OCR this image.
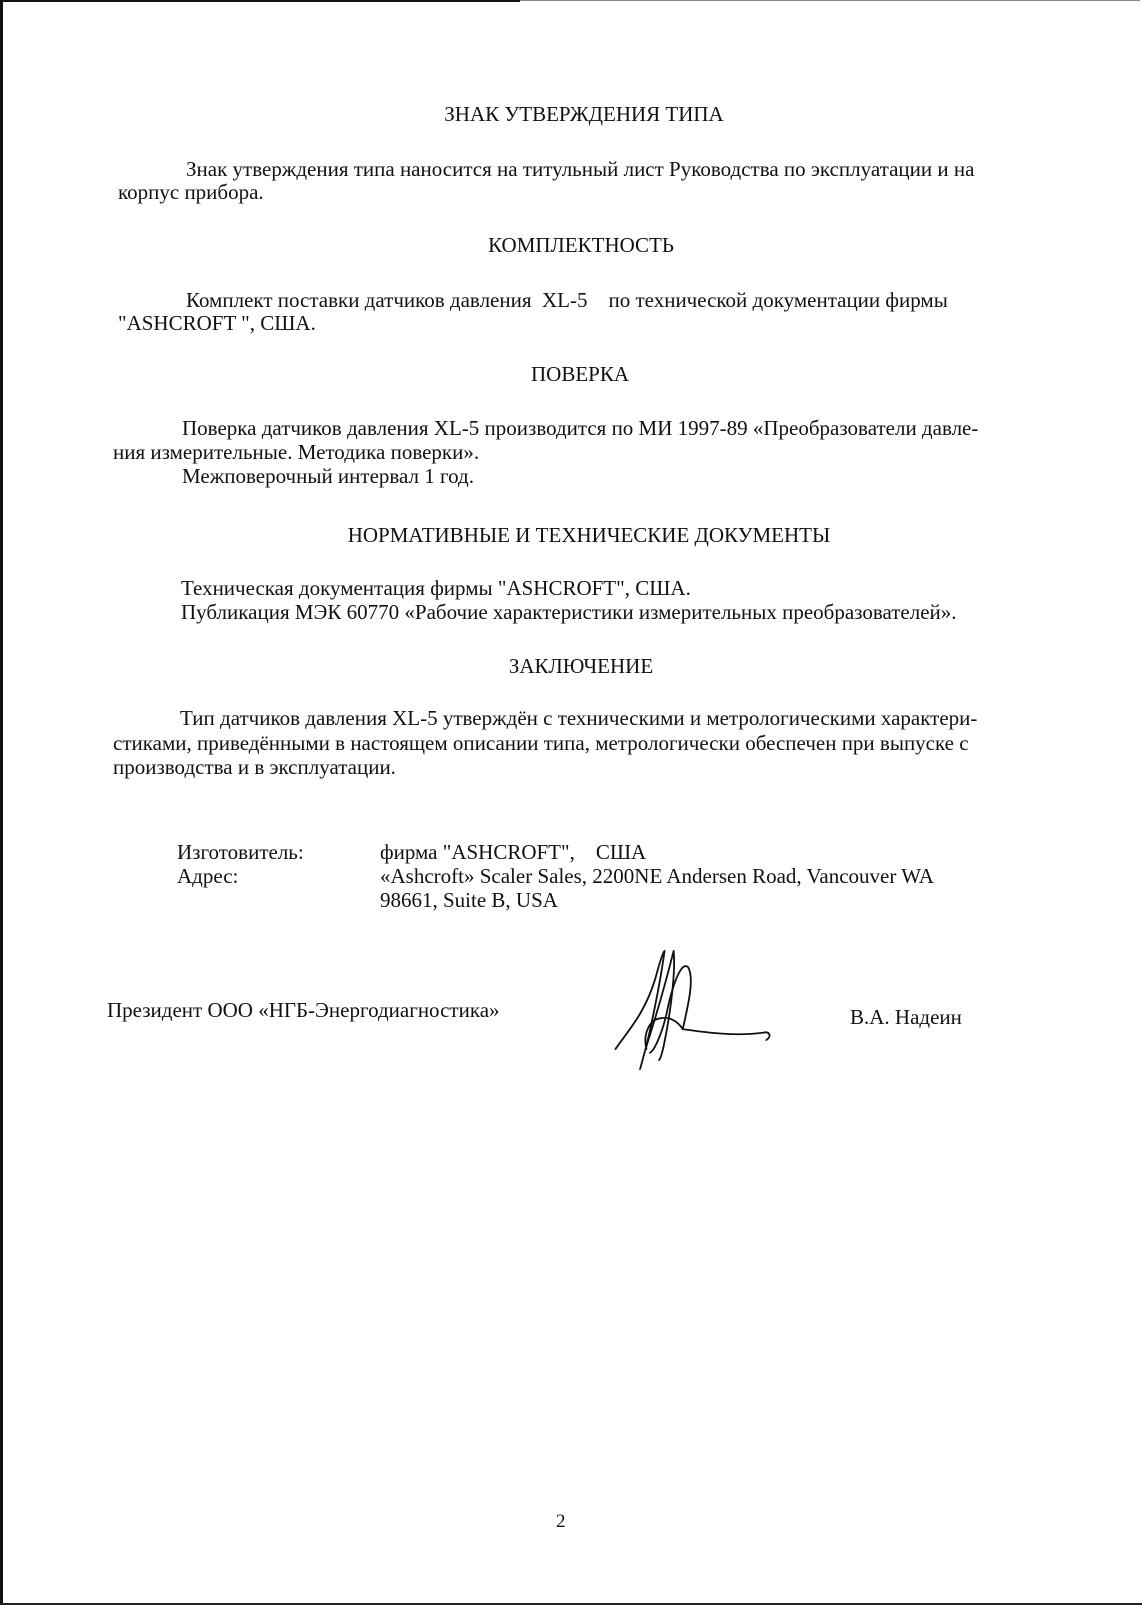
ЗНАК УТВЕРЖДЕНИЯ ТИПА
Знак утверждения типа наносится на титульный лист Руководства по эксплуатации и на
корпус прибора.
КОМПЛЕКТНОСТЬ
Комплект поставки датчиков давления  XL-5    по технической документации фирмы
"ASHCROFT ", США.
ПОВЕРКА
Поверка датчиков давления XL-5 производится по МИ 1997-89 «Преобразователи давле-
ния измерительные. Методика поверки».
Межповерочный интервал 1 год.
НОРМАТИВНЫЕ И ТЕХНИЧЕСКИЕ ДОКУМЕНТЫ
Техническая документация фирмы "ASHCROFT", США.
Публикация МЭК 60770 «Рабочие характеристики измерительных преобразователей».
ЗАКЛЮЧЕНИЕ
Тип датчиков давления XL-5 утверждён с техническими и метрологическими характери-
стиками, приведёнными в настоящем описании типа, метрологически обеспечен при выпуске с
производства и в эксплуатации.
Изготовитель:	фирма "ASHCROFT",    США
Адрес:	«Ashcroft» Scaler Sales, 2200NE Andersen Road, Vancouver WA
98661, Suite B, USA
Президент ООО «НГБ-Энергодиагностика»	В.А. Надеин
2
